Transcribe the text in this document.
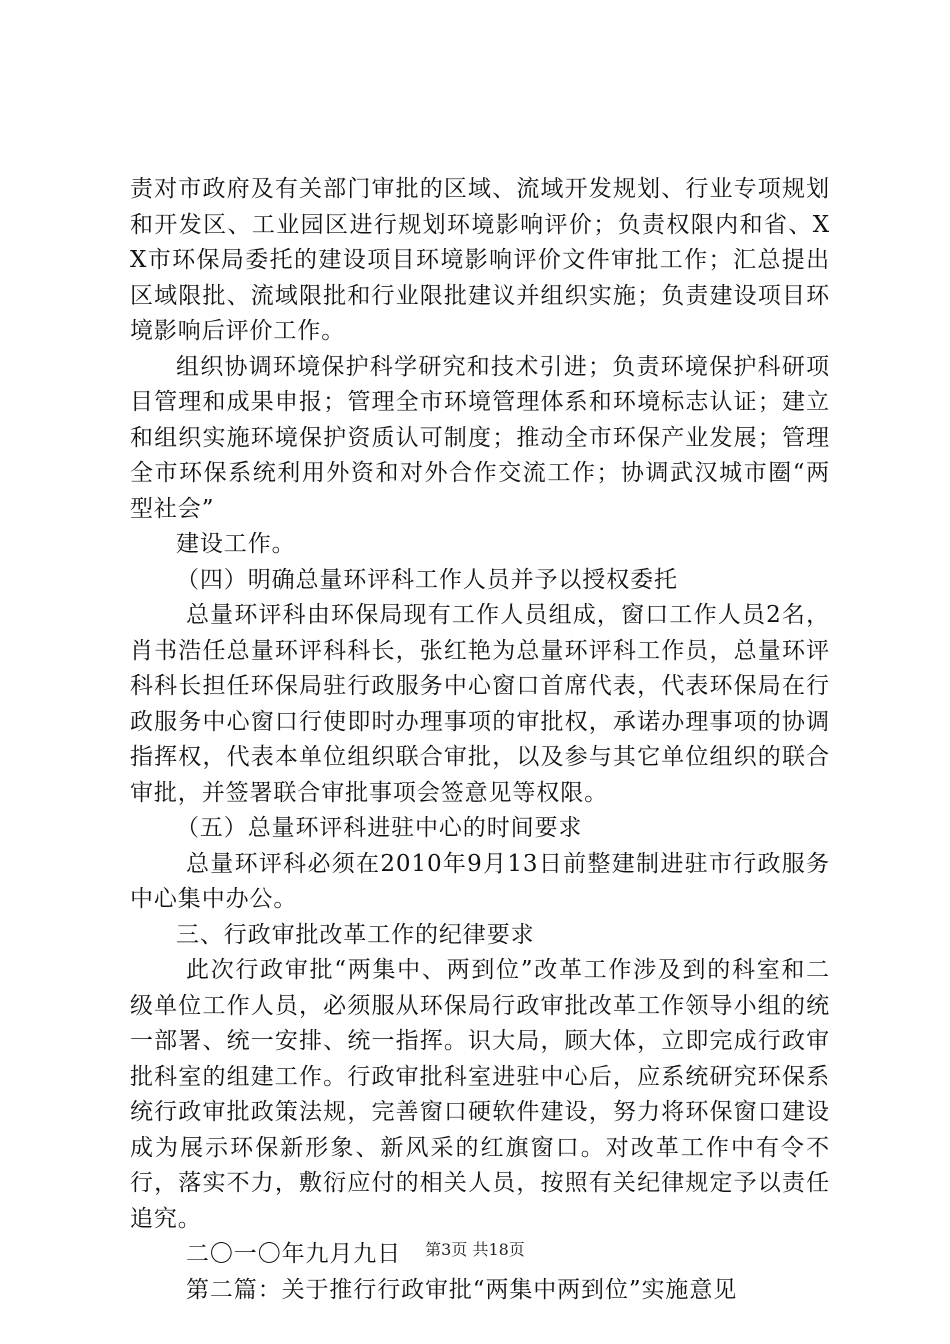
责对市政府及有关部门审批的区域、流域开发规划、行业专项规划和开发区、工业园区进行规划环境影响评价；负责权限内和省、XX市环保局委托的建设项目环境影响评价文件审批工作；汇总提出区域限批、流域限批和行业限批建议并组织实施；负责建设项目环境影响后评价工作。

组织协调环境保护科学研究和技术引进；负责环境保护科研项目管理和成果申报；管理全市环境管理体系和环境标志认证；建立和组织实施环境保护资质认可制度；推动全市环保产业发展；管理全市环保系统利用外资和对外合作交流工作；协调武汉城市圈“两型社会”

建设工作。

（四）明确总量环评科工作人员并予以授权委托

总量环评科由环保局现有工作人员组成，窗口工作人员2名，肖书浩任总量环评科科长，张红艳为总量环评科工作员，总量环评科科长担任环保局驻行政服务中心窗口首席代表，代表环保局在行政服务中心窗口行使即时办理事项的审批权，承诺办理事项的协调指挥权，代表本单位组织联合审批，以及参与其它单位组织的联合审批，并签署联合审批事项会签意见等权限。

（五）总量环评科进驻中心的时间要求

总量环评科必须在2010年9月13日前整建制进驻市行政服务中心集中办公。

三、行政审批改革工作的纪律要求

此次行政审批“两集中、两到位”改革工作涉及到的科室和二级单位工作人员，必须服从环保局行政审批改革工作领导小组的统一部署、统一安排、统一指挥。识大局，顾大体，立即完成行政审批科室的组建工作。行政审批科室进驻中心后，应系统研究环保系统行政审批政策法规，完善窗口硬软件建设，努力将环保窗口建设成为展示环保新形象、新风采的红旗窗口。对改革工作中有令不行，落实不力，敷衍应付的相关人员，按照有关纪律规定予以责任追究。

二〇一〇年九月九日

第二篇：关于推行行政审批“两集中两到位”实施意见

第3页 共18页
